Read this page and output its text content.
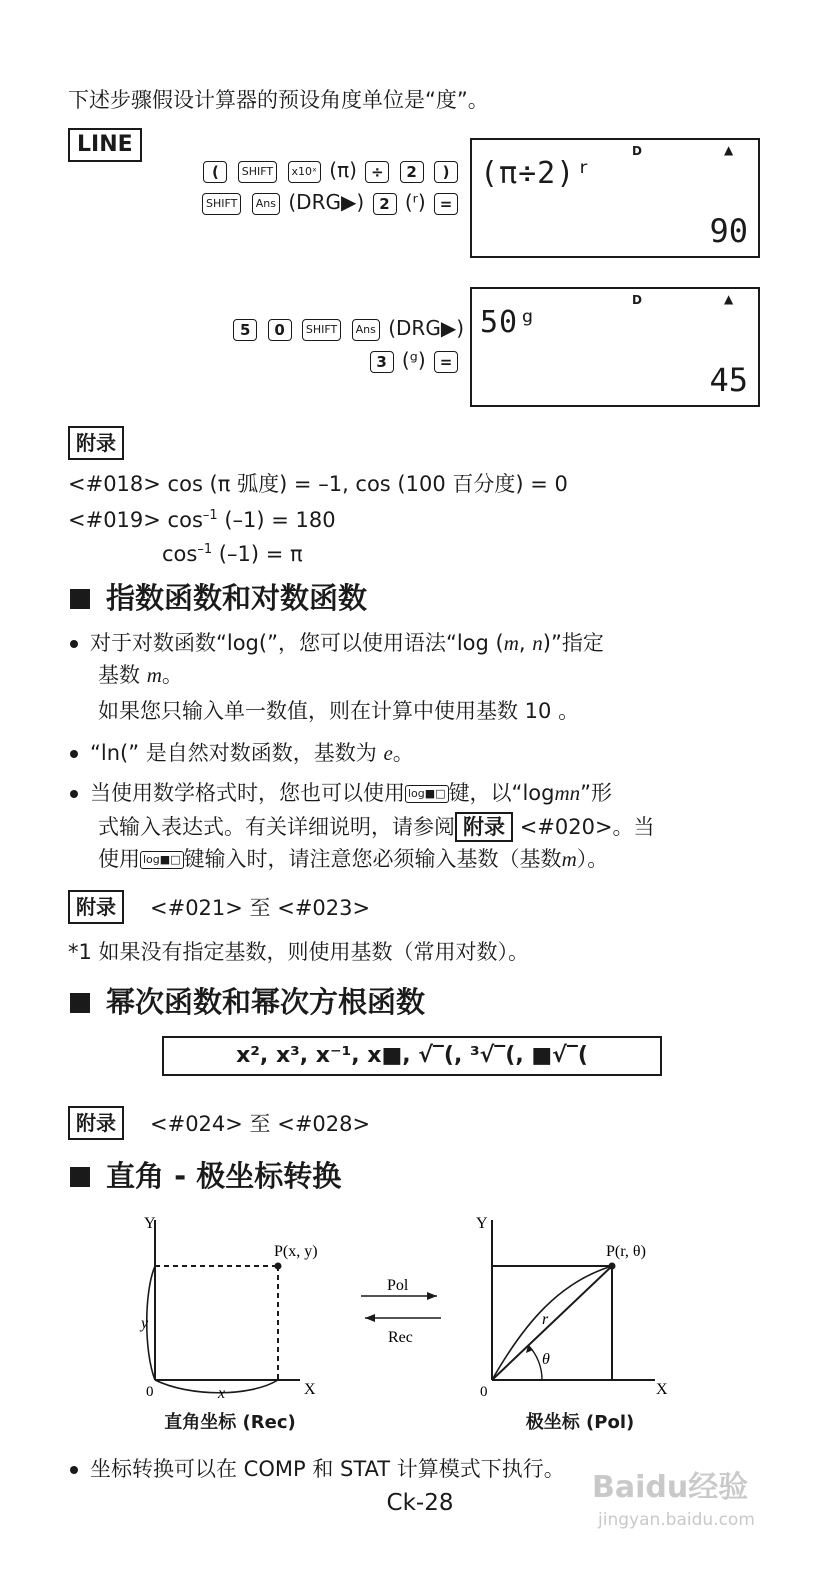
下述步骤假设计算器的预设角度单位是“度”。
LINE
( SHIFT x10ˣ (π) ÷ 2 )
SHIFT Ans (DRG▶) 2 (ʳ) =
D	▲
(π÷2)ʳ
90
5 0 SHIFT Ans (DRG▶)
3 (ᵍ) =
D	▲
50ᵍ
45
附录
<#018> cos (π 弧度) = –1, cos (100 百分度) = 0
<#019> $\cos^{-1} (-1) = 180$
$\cos^{-1} (-1) = \pi$
指数函数和对数函数
对于对数函数“log(”，您可以使用语法“log (m, n)”指定
基数 m。
如果您只输入单一数值，则在计算中使用基数 10 。
“ln(” 是自然对数函数，基数为 e。
当使用数学格式时，您也可以使用 log■□ 键，以“logmn”形
式输入表达式。有关详细说明，请参阅 附录 <#020>。当
使用 log■□ 键输入时，请注意您必须输入基数（基数m）。
附录	<#021> 至 <#023>
*1 如果没有指定基数，则使用基数（常用对数）。
幂次函数和幂次方根函数
x², x³, x⁻¹, x■, √‾(, ³√‾(, ■√‾(
附录	<#024> 至 <#028>
直角 - 极坐标转换
Y
X
0
P(x, y)
y
x
直角坐标 (Rec)
Pol
Rec
Y
X
0
P(r, θ)
r
θ
极坐标 (Pol)
坐标转换可以在 COMP 和 STAT 计算模式下执行。
Ck-28	Baidu经验
jingyan.baidu.com
